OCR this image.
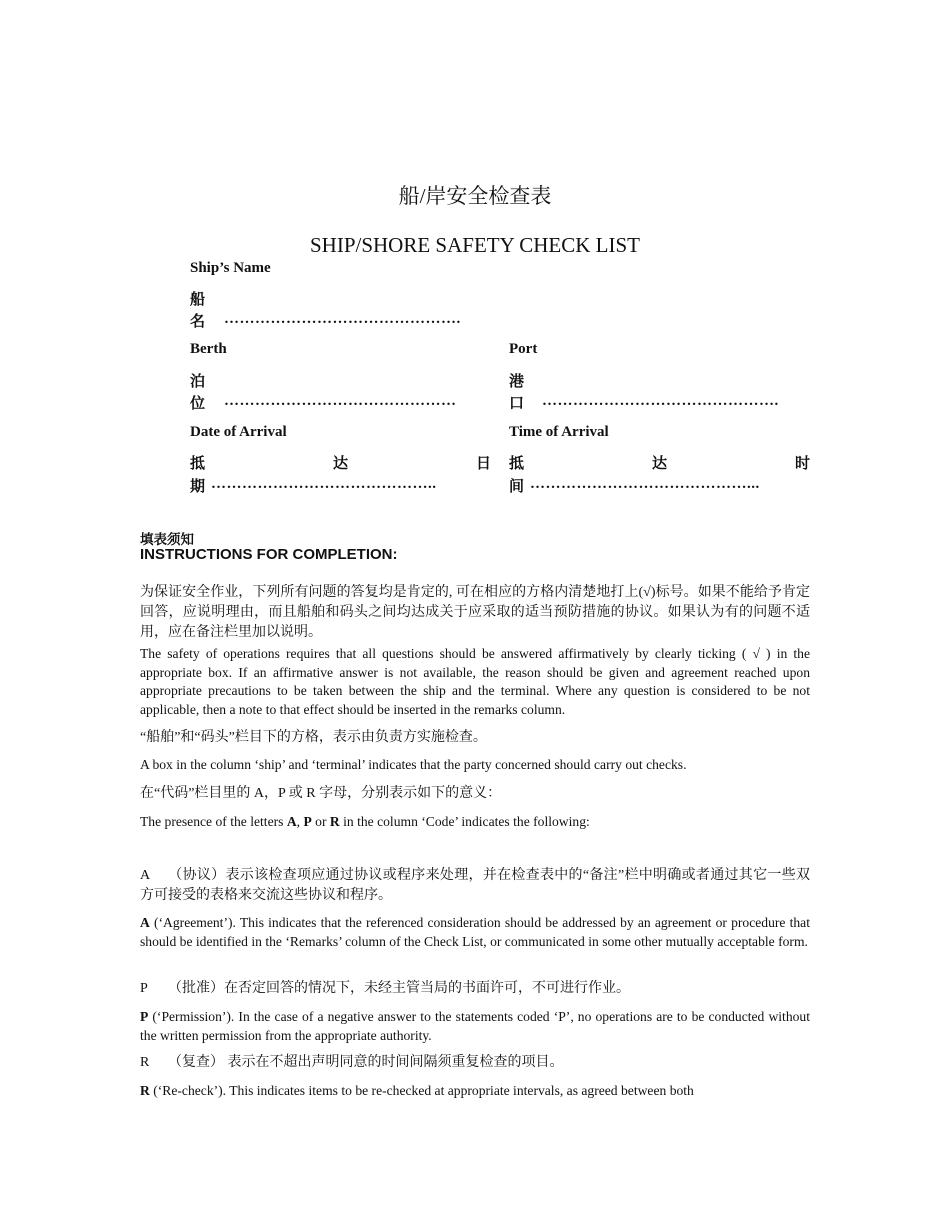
船/岸安全检查表
SHIP/SHORE SAFETY CHECK LIST
Ship’s Name
船
名 ……………………………………….
Berth
泊
位 ………………………………………
Port
港
口 ……………………………………….
Date of Arrival
抵	达	日
期 ……………………………………..
Time of Arrival
抵	达	时
间 ……………………………………...
填表须知
INSTRUCTIONS FOR COMPLETION:
为保证安全作业，下列所有问题的答复均是肯定的, 可在相应的方格内清楚地打上(√)标号。如果不能给予肯定回答，应说明理由，而且船舶和码头之间均达成关于应采取的适当预防措施的协议。如果认为有的问题不适用，应在备注栏里加以说明。
The safety of operations requires that all questions should be answered affirmatively by clearly ticking ( √ ) in the appropriate box. If an affirmative answer is not available, the reason should be given and agreement reached upon appropriate precautions to be taken between the ship and the terminal. Where any question is considered to be not applicable, then a note to that effect should be inserted in the remarks column.
“船舶”和“码头”栏目下的方格，表示由负责方实施检查。
A box in the column ‘ship’ and ‘terminal’ indicates that the party concerned should carry out checks.
在“代码”栏目里的 A，P 或 R 字母，分别表示如下的意义：
The presence of the letters A, P or R in the column ‘Code’ indicates the following:
A （协议）表示该检查项应通过协议或程序来处理，并在检查表中的“备注”栏中明确或者通过其它一些双方可接受的表格来交流这些协议和程序。
A (‘Agreement’). This indicates that the referenced consideration should be addressed by an agreement or procedure that should be identified in the ‘Remarks’ column of the Check List, or communicated in some other mutually acceptable form.
P （批准）在否定回答的情况下，未经主管当局的书面许可，不可进行作业。
P (‘Permission’). In the case of a negative answer to the statements coded ‘P’, no operations are to be conducted without the written permission from the appropriate authority.
R （复查） 表示在不超出声明同意的时间间隔须重复检查的项目。
R (‘Re-check’). This indicates items to be re-checked at appropriate intervals, as agreed between both
